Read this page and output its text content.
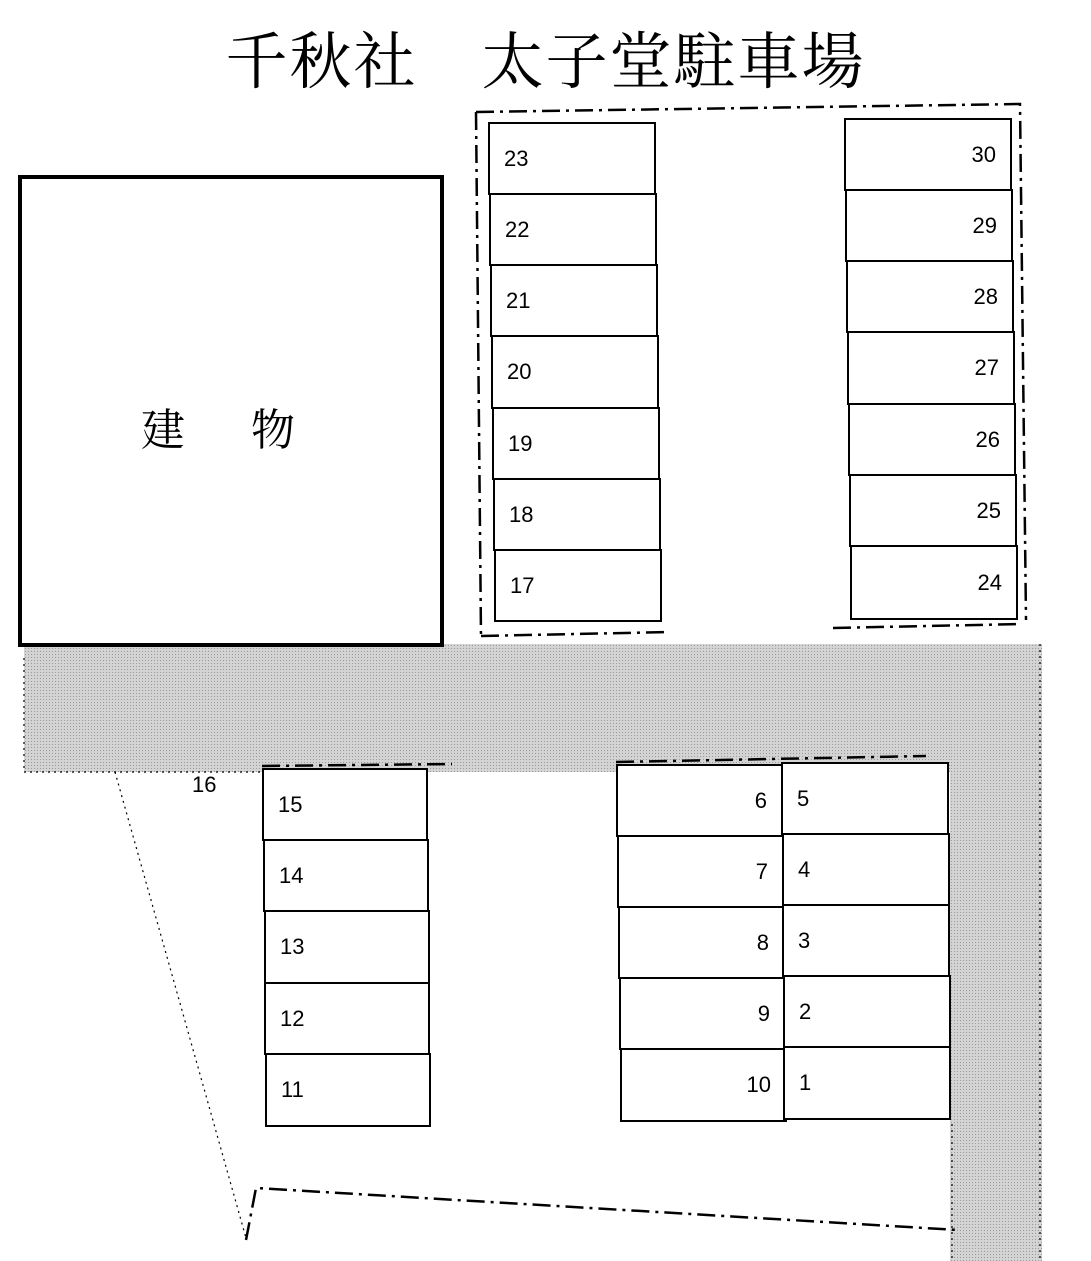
千秋社　太子堂駐車場
建 物
16
23
22
21
20
19
18
17
30
29
28
27
26
25
24
15
14
13
12
11
6
7
8
9
10
5
4
3
2
1
